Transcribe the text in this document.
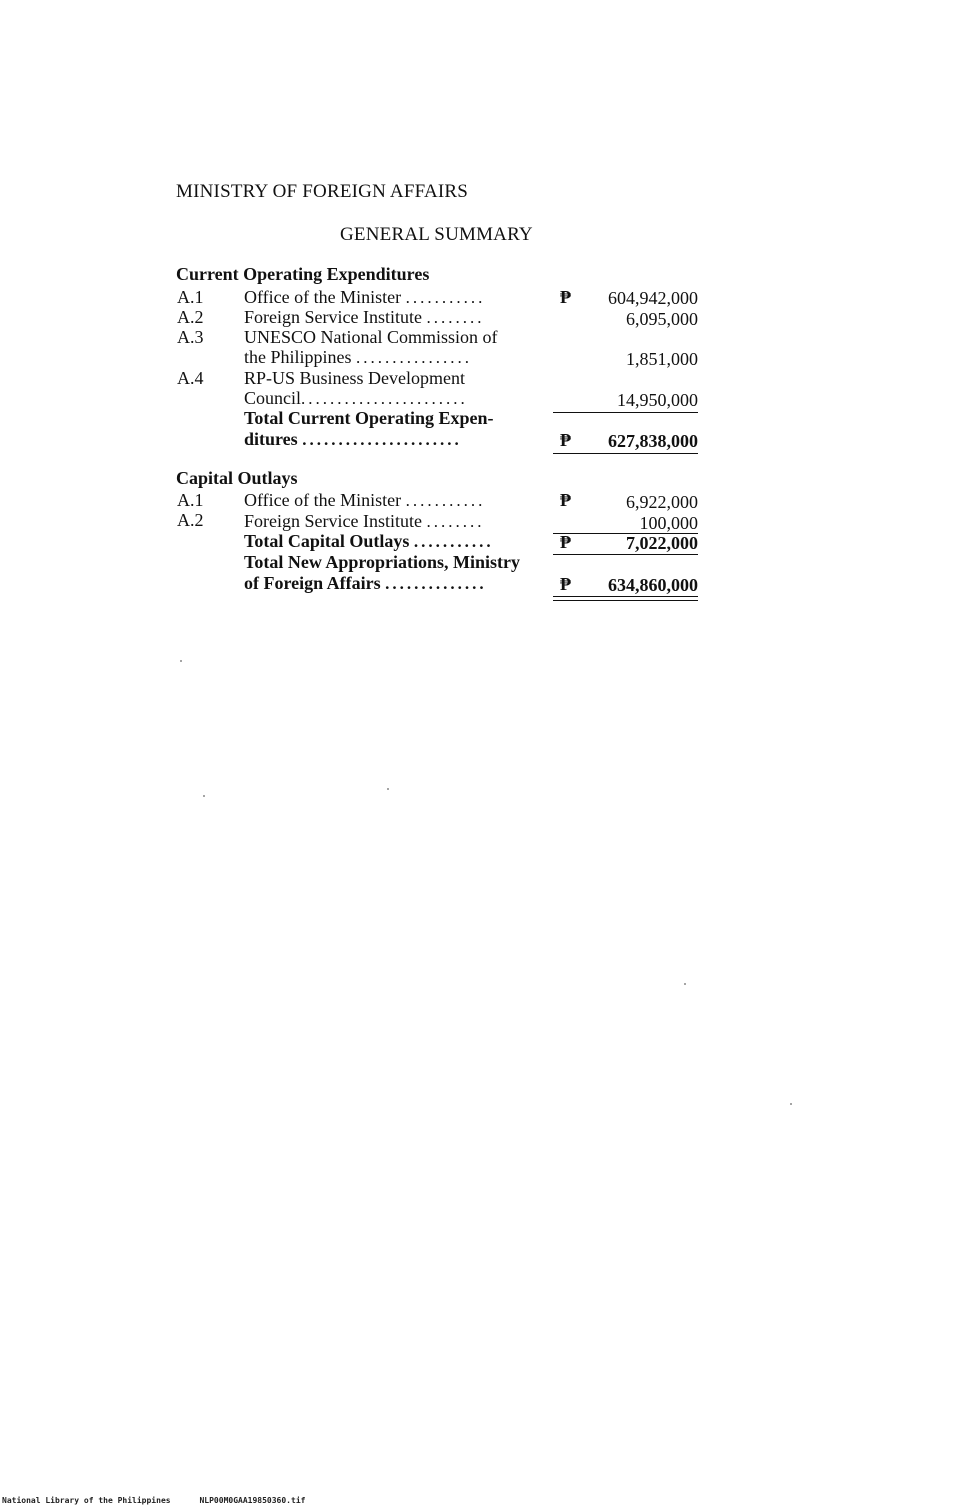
MINISTRY OF FOREIGN AFFAIRS
GENERAL SUMMARY
Current Operating Expenditures
A.1 Office of the Minister ...........	₱	604,942,000
A.2 Foreign Service Institute ........	6,095,000
A.3 UNESCO National Commission of
the Philippines ................	1,851,000
A.4 RP-US Business Development
Council.......................	14,950,000
Total Current Operating Expen-
ditures ......................	₱	627,838,000
Capital Outlays
A.1 Office of the Minister ...........	₱	6,922,000
A.2 Foreign Service Institute ........	100,000
Total Capital Outlays ...........	₱	7,022,000
Total New Appropriations, Ministry
of Foreign Affairs ..............	₱	634,860,000
National Library of the Philippines	NLP00M0GAA19850360.tif
